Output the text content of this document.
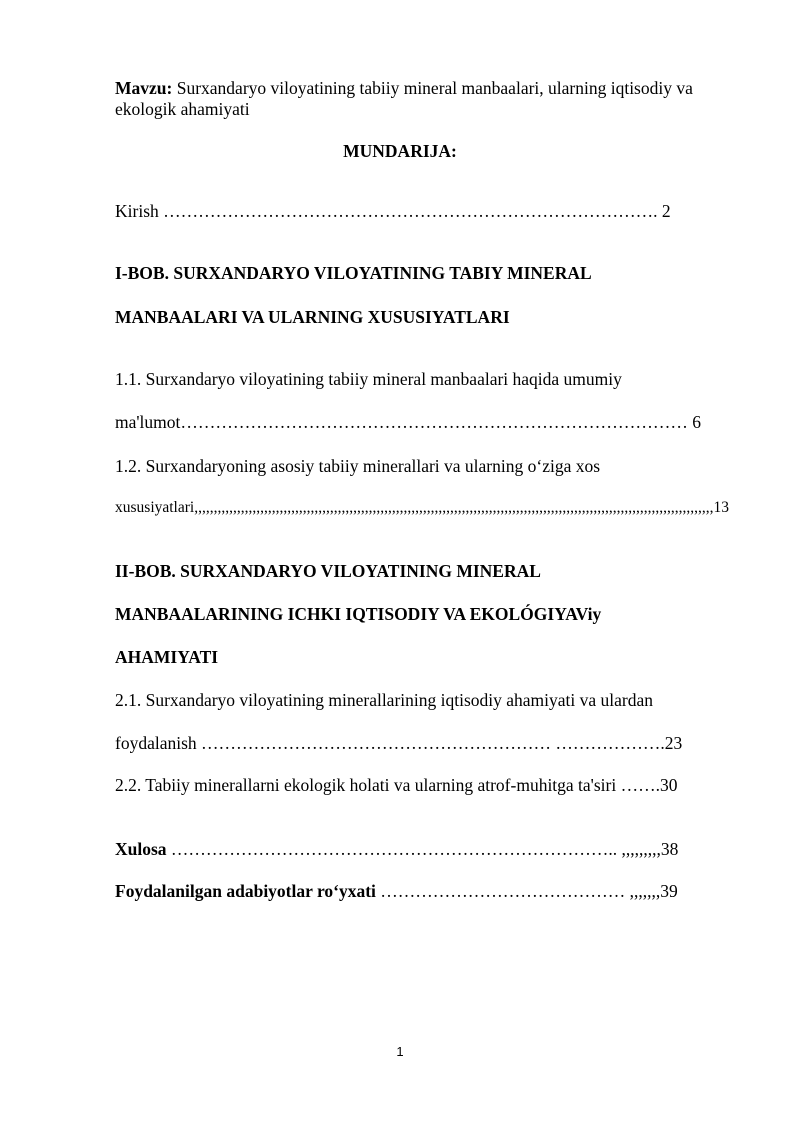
Mavzu: Surxandaryo viloyatining tabiiy mineral manbaalari, ularning iqtisodiy va
ekologik ahamiyati
MUNDARIJA:
Kirish …………………………………………………………………………. 2
I-BOB. SURXANDARYO VILOYATINING TABIY MINERAL
MANBAALARI VA ULARNING XUSUSIYATLARI
1.1. Surxandaryo viloyatining tabiiy mineral manbaalari haqida umumiy
ma'lumot…………………………………………………………………………… 6
1.2. Surxandaryoning asosiy tabiiy minerallari va ularning o‘ziga xos
xususiyatlari,,,,,,,,,,,,,,,,,,,,,,,,,,,,,,,,,,,,,,,,,,,,,,,,,,,,,,,,,,,,,,,,,,,,,,,,,,,,,,,,,,,,,,,,,,,,,,,,,,,,,,,,,,,,,,,,,,,,,,,,,,,,,,,,,,,,,,13
II-BOB. SURXANDARYO VILOYATINING MINERAL
MANBAALARINING ICHKI IQTISODIY VA EKOLÓGIYAViy
AHAMIYATI
2.1. Surxandaryo viloyatining minerallarining iqtisodiy ahamiyati va ulardan
foydalanish …………………………………………………… ……………….23
2.2. Tabiiy minerallarni ekologik holati va ularning atrof-muhitga ta'siri …….30
Xulosa ………………………………………………………………….. ,,,,,,,,,38
Foydalanilgan adabiyotlar ro‘yxati …………………………………… ,,,,,,,39
1
